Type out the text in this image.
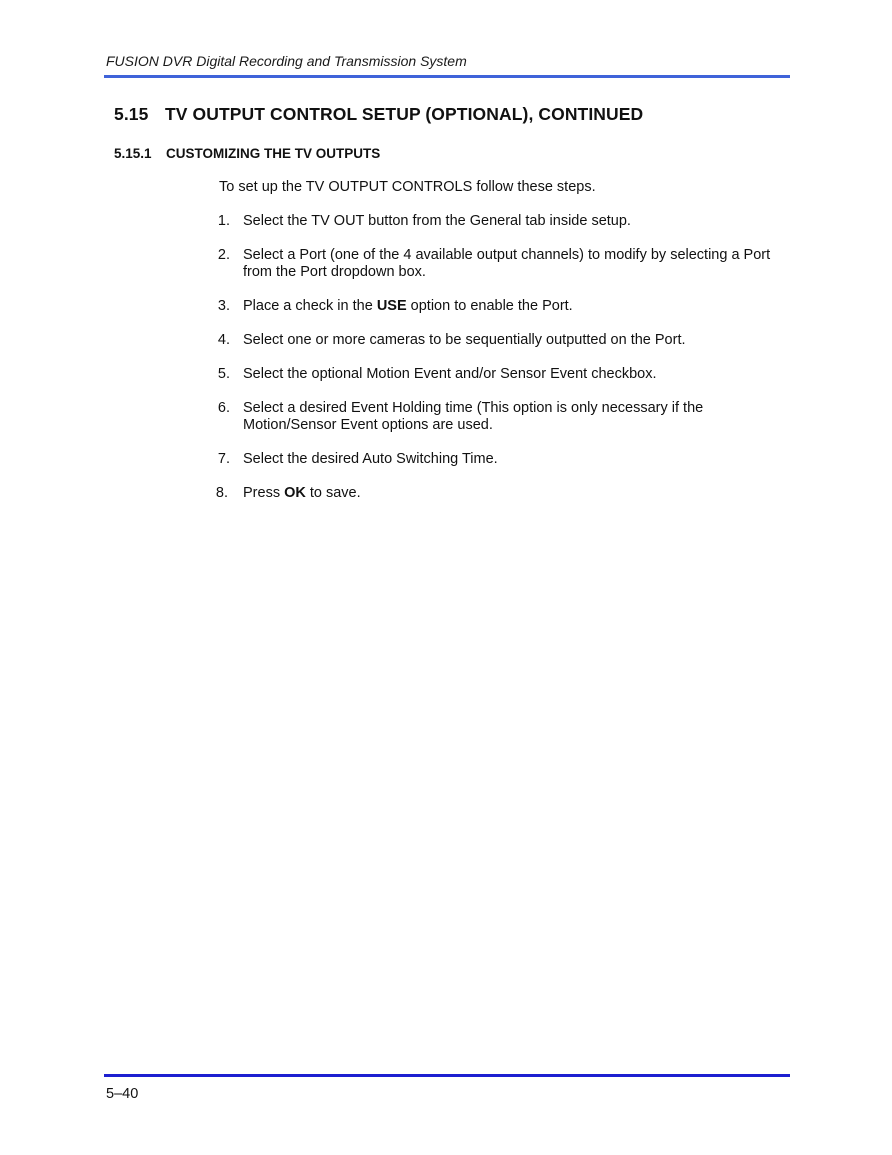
FUSION DVR Digital Recording and Transmission System
5.15 TV OUTPUT CONTROL SETUP (OPTIONAL), CONTINUED
5.15.1 CUSTOMIZING THE TV OUTPUTS
To set up the TV OUTPUT CONTROLS follow these steps.
1. Select the TV OUT button from the General tab inside setup.
2. Select a Port (one of the 4 available output channels) to modify by selecting a Port from the Port dropdown box.
3. Place a check in the USE option to enable the Port.
4. Select one or more cameras to be sequentially outputted on the Port.
5. Select the optional Motion Event and/or Sensor Event checkbox.
6. Select a desired Event Holding time (This option is only necessary if the Motion/Sensor Event options are used.
7. Select the desired Auto Switching Time.
8. Press OK to save.
5–40
